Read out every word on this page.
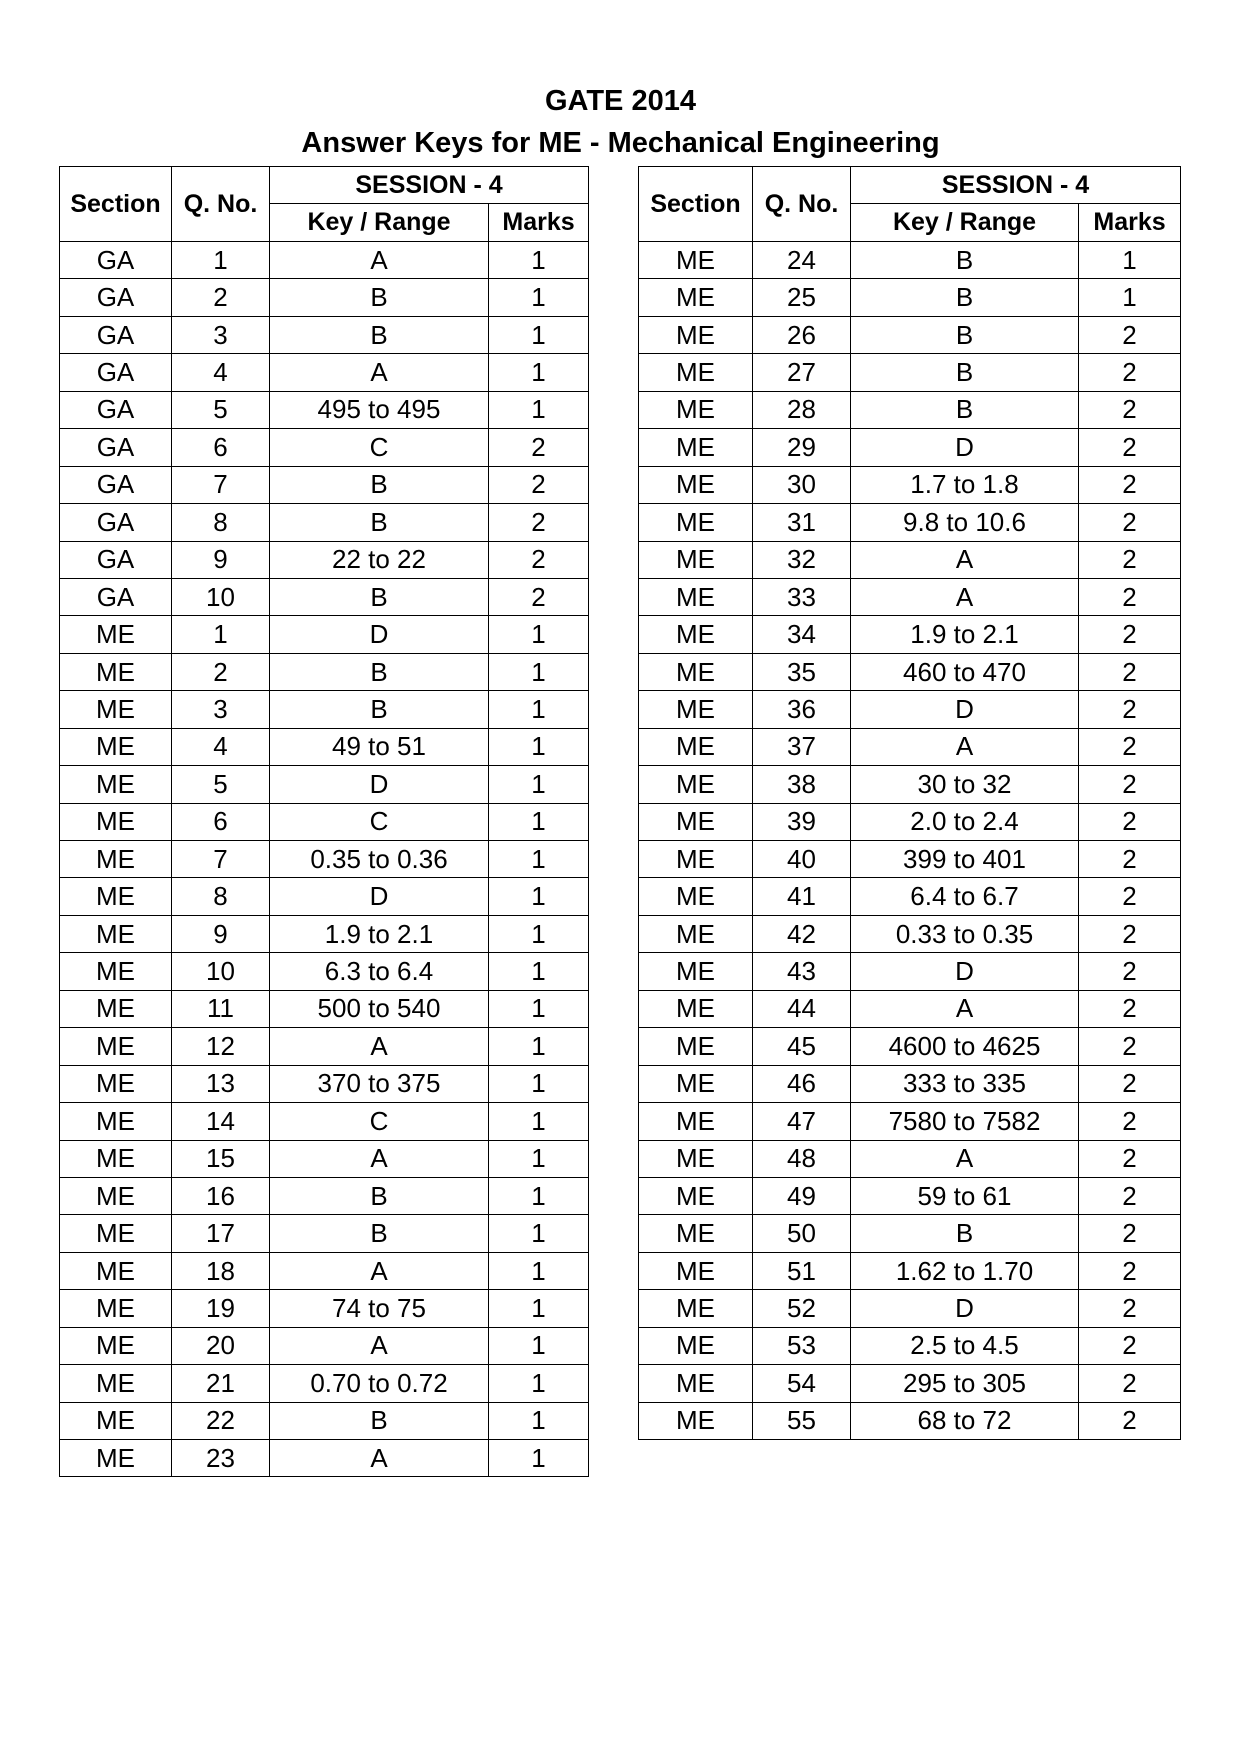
GATE 2014
Answer Keys for ME - Mechanical Engineering
Section	Q. No.	SESSION - 4	
		Key / Range	Marks
GA	1	A	1
GA	2	B	1
GA	3	B	1
GA	4	A	1
GA	5	495 to 495	1
GA	6	C	2
GA	7	B	2
GA	8	B	2
GA	9	22 to 22	2
GA	10	B	2
ME	1	D	1
ME	2	B	1
ME	3	B	1
ME	4	49 to 51	1
ME	5	D	1
ME	6	C	1
ME	7	0.35 to 0.36	1
ME	8	D	1
ME	9	1.9 to 2.1	1
ME	10	6.3 to 6.4	1
ME	11	500 to 540	1
ME	12	A	1
ME	13	370 to 375	1
ME	14	C	1
ME	15	A	1
ME	16	B	1
ME	17	B	1
ME	18	A	1
ME	19	74 to 75	1
ME	20	A	1
ME	21	0.70 to 0.72	1
ME	22	B	1
ME	23	A	1
Section	Q. No.	SESSION - 4	
		Key / Range	Marks
ME	24	B	1
ME	25	B	1
ME	26	B	2
ME	27	B	2
ME	28	B	2
ME	29	D	2
ME	30	1.7 to 1.8	2
ME	31	9.8 to 10.6	2
ME	32	A	2
ME	33	A	2
ME	34	1.9 to 2.1	2
ME	35	460 to 470	2
ME	36	D	2
ME	37	A	2
ME	38	30 to 32	2
ME	39	2.0 to 2.4	2
ME	40	399 to 401	2
ME	41	6.4 to 6.7	2
ME	42	0.33 to 0.35	2
ME	43	D	2
ME	44	A	2
ME	45	4600 to 4625	2
ME	46	333 to 335	2
ME	47	7580 to 7582	2
ME	48	A	2
ME	49	59 to 61	2
ME	50	B	2
ME	51	1.62 to 1.70	2
ME	52	D	2
ME	53	2.5 to 4.5	2
ME	54	295 to 305	2
ME	55	68 to 72	2
